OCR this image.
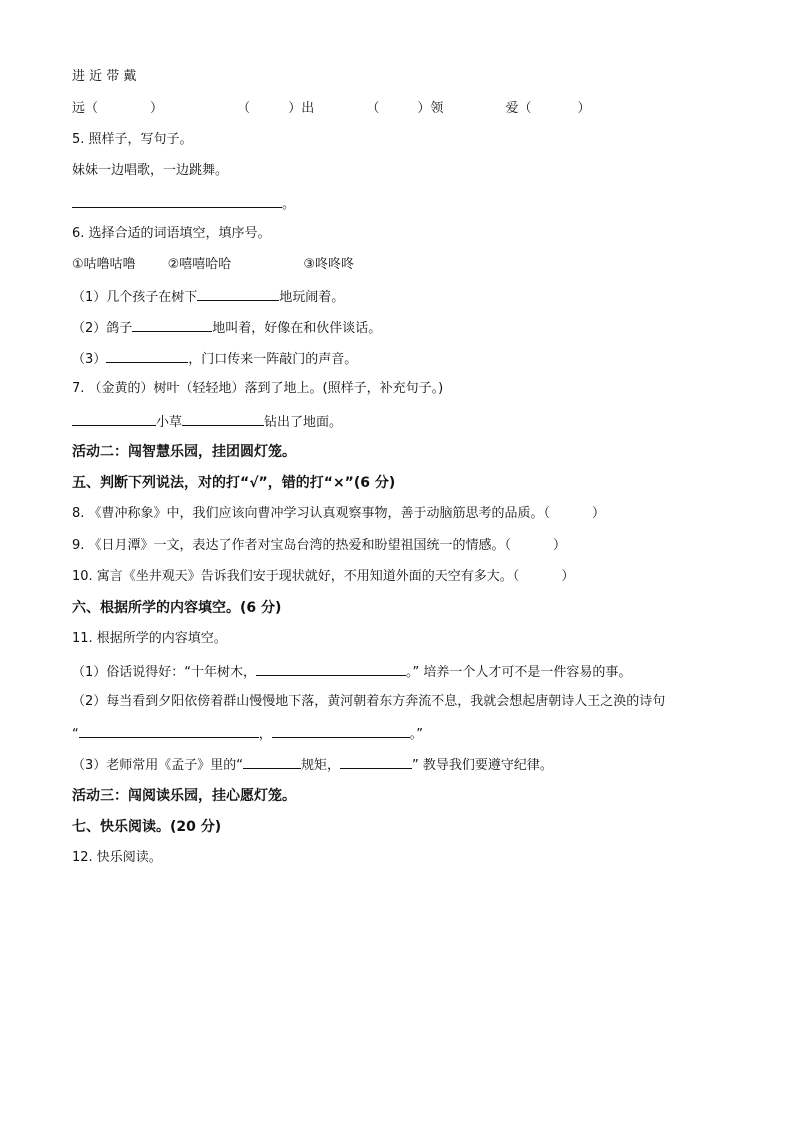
进 近 带 戴
远（	）	（	）出	（	）领	爱（	）
5. 照样子，写句子。
妹妹一边唱歌，一边跳舞。
。
6. 选择合适的词语填空，填序号。
①咕噜咕噜 ②嘻嘻哈哈	③咚咚咚
（1）几个孩子在树下	地玩闹着。
（2）鸽子	地叫着，好像在和伙伴谈话。
（3）	，门口传来一阵敲门的声音。
7. （金黄的）树叶（轻轻地）落到了地上。(照样子，补充句子。)
小草	钻出了地面。
活动二：闯智慧乐园，挂团圆灯笼。
五、判断下列说法，对的打“√”，错的打“×”(6 分)
8. 《曹冲称象》中，我们应该向曹冲学习认真观察事物，善于动脑筋思考的品质。（	）
9. 《日月潭》一文，表达了作者对宝岛台湾的热爱和盼望祖国统一的情感。（	）
10. 寓言《坐井观天》告诉我们安于现状就好，不用知道外面的天空有多大。（	）
六、根据所学的内容填空。(6 分)
11. 根据所学的内容填空。
（1）俗话说得好：“十年树木，	。” 培养一个人才可不是一件容易的事。
（2）每当看到夕阳依傍着群山慢慢地下落，黄河朝着东方奔流不息，我就会想起唐朝诗人王之涣的诗句
“	，	。”
（3）老师常用《孟子》里的“	规矩，	” 教导我们要遵守纪律。
活动三：闯阅读乐园，挂心愿灯笼。
七、快乐阅读。(20 分)
12. 快乐阅读。
